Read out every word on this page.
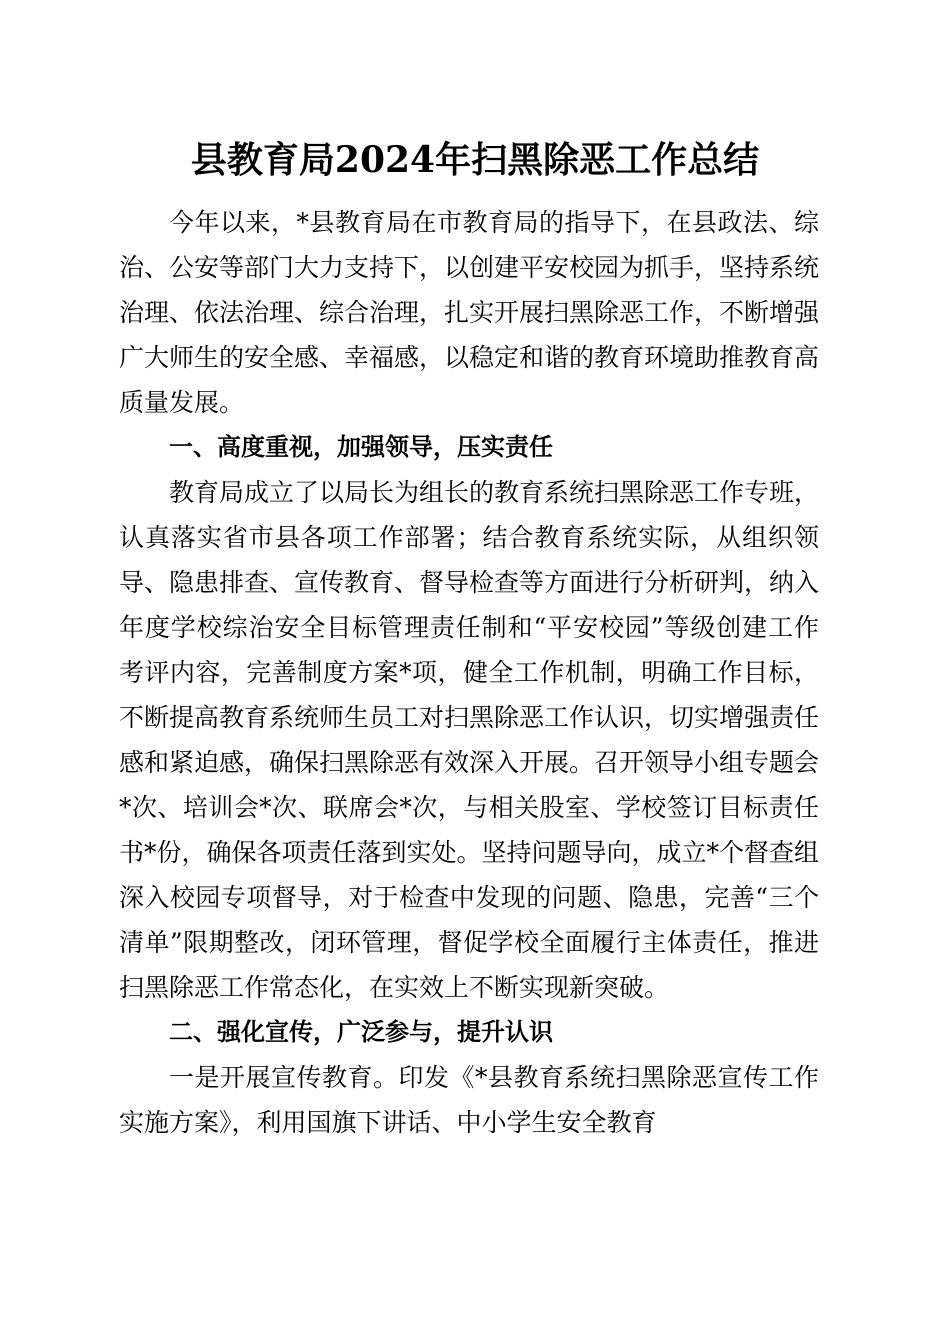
县教育局2024年扫黑除恶工作总结

今年以来，*县教育局在市教育局的指导下，在县政法、综治、公安等部门大力支持下，以创建平安校园为抓手，坚持系统治理、依法治理、综合治理，扎实开展扫黑除恶工作，不断增强广大师生的安全感、幸福感，以稳定和谐的教育环境助推教育高质量发展。

一、高度重视，加强领导，压实责任

教育局成立了以局长为组长的教育系统扫黑除恶工作专班，认真落实省市县各项工作部署；结合教育系统实际，从组织领导、隐患排查、宣传教育、督导检查等方面进行分析研判，纳入年度学校综治安全目标管理责任制和“平安校园”等级创建工作考评内容，完善制度方案*项，健全工作机制，明确工作目标，不断提高教育系统师生员工对扫黑除恶工作认识，切实增强责任感和紧迫感，确保扫黑除恶有效深入开展。召开领导小组专题会*次、培训会*次、联席会*次，与相关股室、学校签订目标责任书*份，确保各项责任落到实处。坚持问题导向，成立*个督查组深入校园专项督导，对于检查中发现的问题、隐患，完善“三个清单”限期整改，闭环管理，督促学校全面履行主体责任，推进扫黑除恶工作常态化，在实效上不断实现新突破。

二、强化宣传，广泛参与，提升认识

一是开展宣传教育。印发《*县教育系统扫黑除恶宣传工作实施方案》，利用国旗下讲话、中小学生安全教育
